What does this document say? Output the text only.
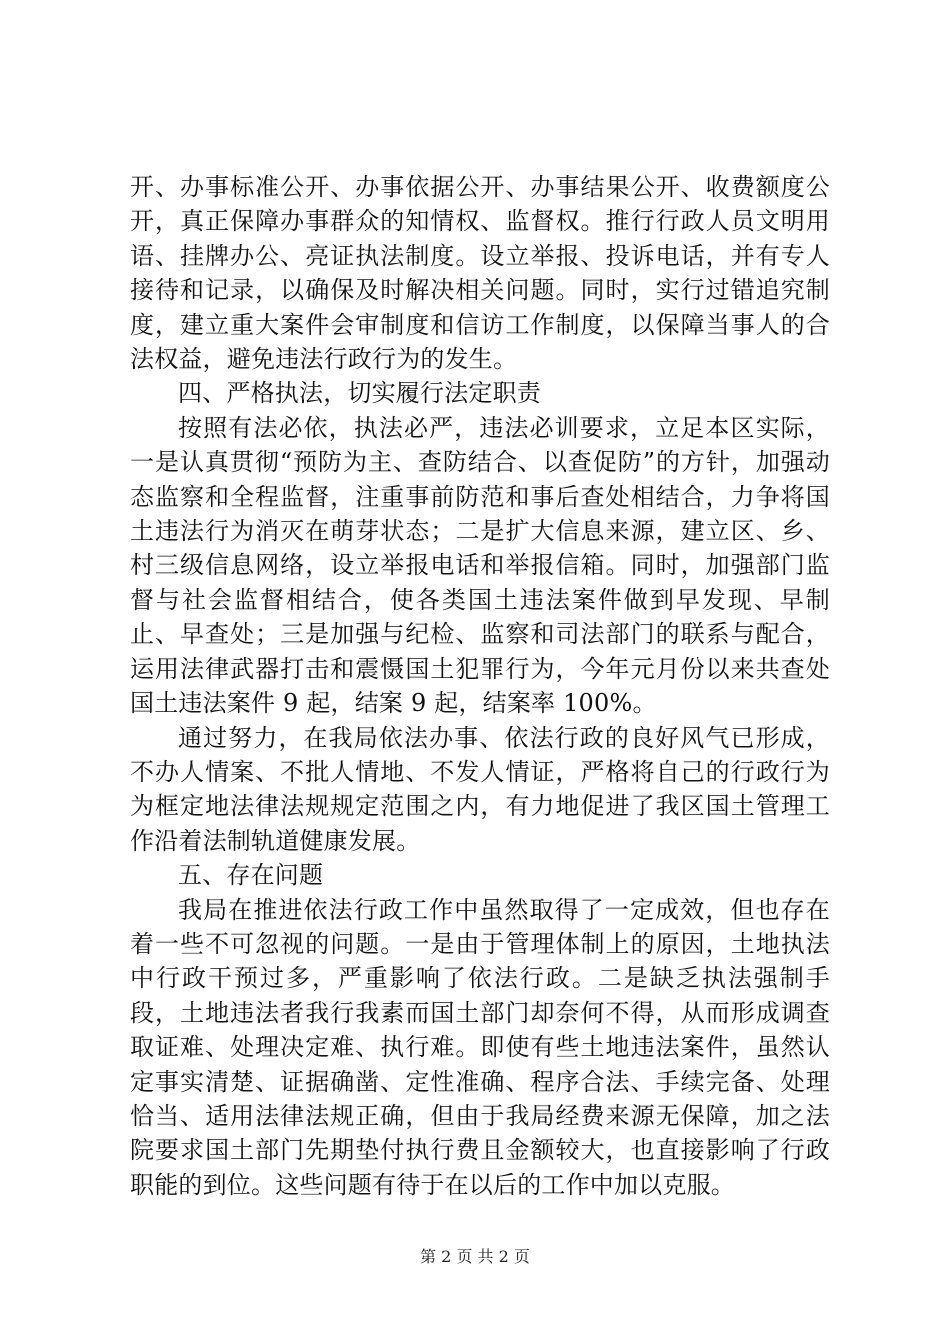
开、办事标准公开、办事依据公开、办事结果公开、收费额度公开，真正保障办事群众的知情权、监督权。推行行政人员文明用语、挂牌办公、亮证执法制度。设立举报、投诉电话，并有专人接待和记录，以确保及时解决相关问题。同时，实行过错追究制度，建立重大案件会审制度和信访工作制度，以保障当事人的合法权益，避免违法行政行为的发生。

四、严格执法，切实履行法定职责

按照有法必依，执法必严，违法必训要求，立足本区实际，一是认真贯彻“预防为主、查防结合、以查促防”的方针，加强动态监察和全程监督，注重事前防范和事后查处相结合，力争将国土违法行为消灭在萌芽状态；二是扩大信息来源，建立区、乡、村三级信息网络，设立举报电话和举报信箱。同时，加强部门监督与社会监督相结合，使各类国土违法案件做到早发现、早制止、早查处；三是加强与纪检、监察和司法部门的联系与配合，运用法律武器打击和震慑国土犯罪行为，今年元月份以来共查处国土违法案件 9 起，结案 9 起，结案率 100%。

通过努力，在我局依法办事、依法行政的良好风气已形成，不办人情案、不批人情地、不发人情证，严格将自己的行政行为为框定地法律法规规定范围之内，有力地促进了我区国土管理工作沿着法制轨道健康发展。

五、存在问题

我局在推进依法行政工作中虽然取得了一定成效，但也存在着一些不可忽视的问题。一是由于管理体制上的原因，土地执法中行政干预过多，严重影响了依法行政。二是缺乏执法强制手段，土地违法者我行我素而国土部门却奈何不得，从而形成调查取证难、处理决定难、执行难。即使有些土地违法案件，虽然认定事实清楚、证据确凿、定性准确、程序合法、手续完备、处理恰当、适用法律法规正确，但由于我局经费来源无保障，加之法院要求国土部门先期垫付执行费且金额较大，也直接影响了行政职能的到位。这些问题有待于在以后的工作中加以克服。

第 2 页 共 2 页
